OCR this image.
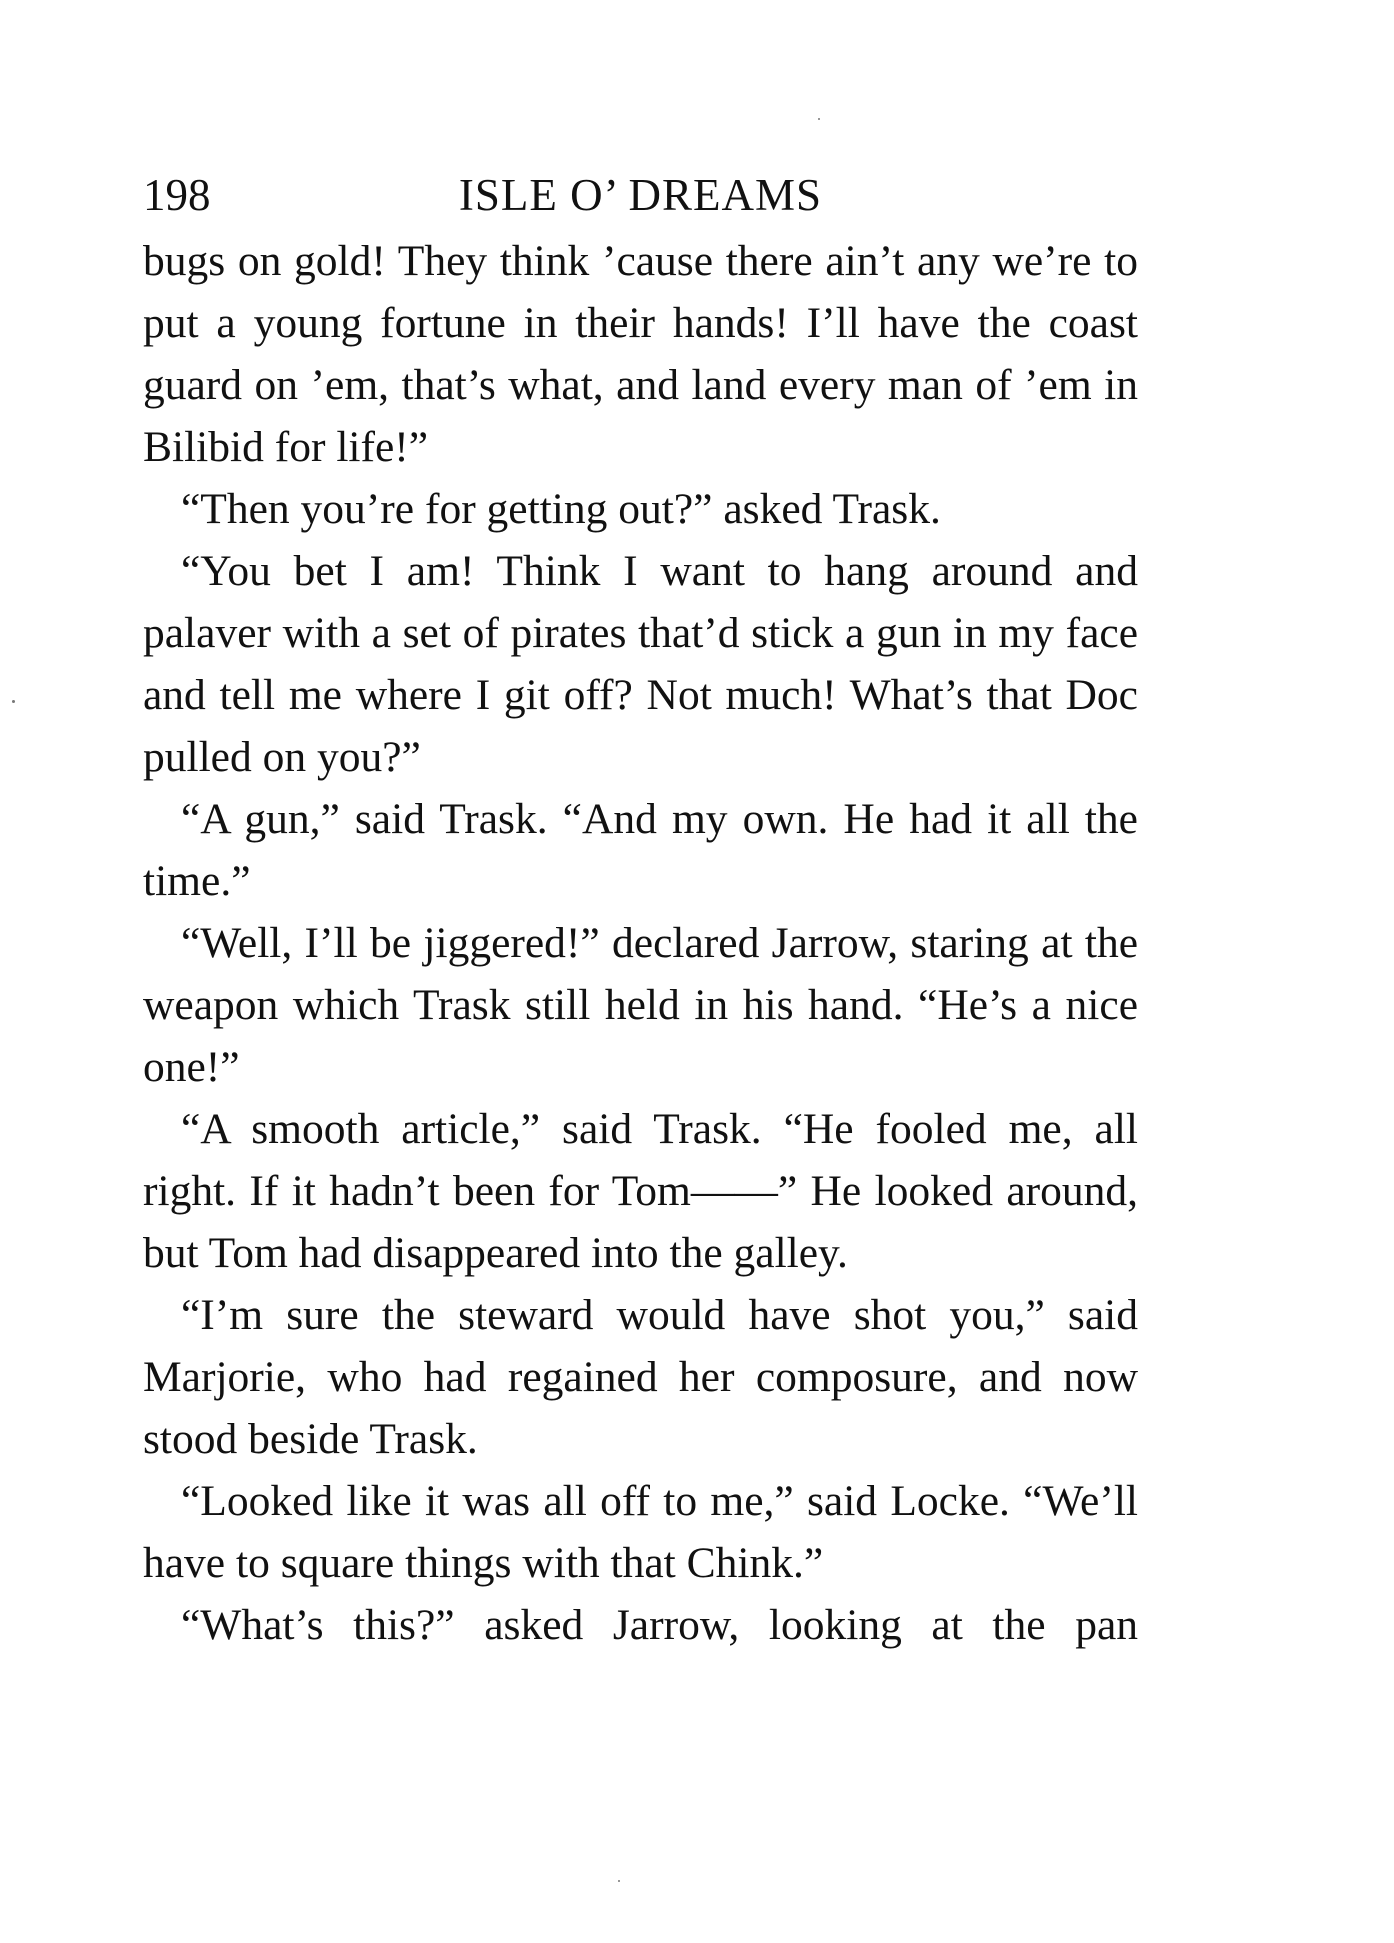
198	ISLE O’ DREAMS

bugs on gold! They think ’cause there ain’t any we’re to put a young fortune in their hands! I’ll have the coast guard on ’em, that’s what, and land every man of ’em in Bilibid for life!”

“Then you’re for getting out?” asked Trask.

“You bet I am! Think I want to hang around and palaver with a set of pirates that’d stick a gun in my face and tell me where I git off? Not much! What’s that Doc pulled on you?”

“A gun,” said Trask. “And my own. He had it all the time.”

“Well, I’ll be jiggered!” declared Jarrow, staring at the weapon which Trask still held in his hand. “He’s a nice one!”

“A smooth article,” said Trask. “He fooled me, all right. If it hadn’t been for Tom——” He looked around, but Tom had disappeared into the galley.

“I’m sure the steward would have shot you,” said Marjorie, who had regained her composure, and now stood beside Trask.

“Looked like it was all off to me,” said Locke. “We’ll have to square things with that Chink.”

“What’s this?” asked Jarrow, looking at the pan
